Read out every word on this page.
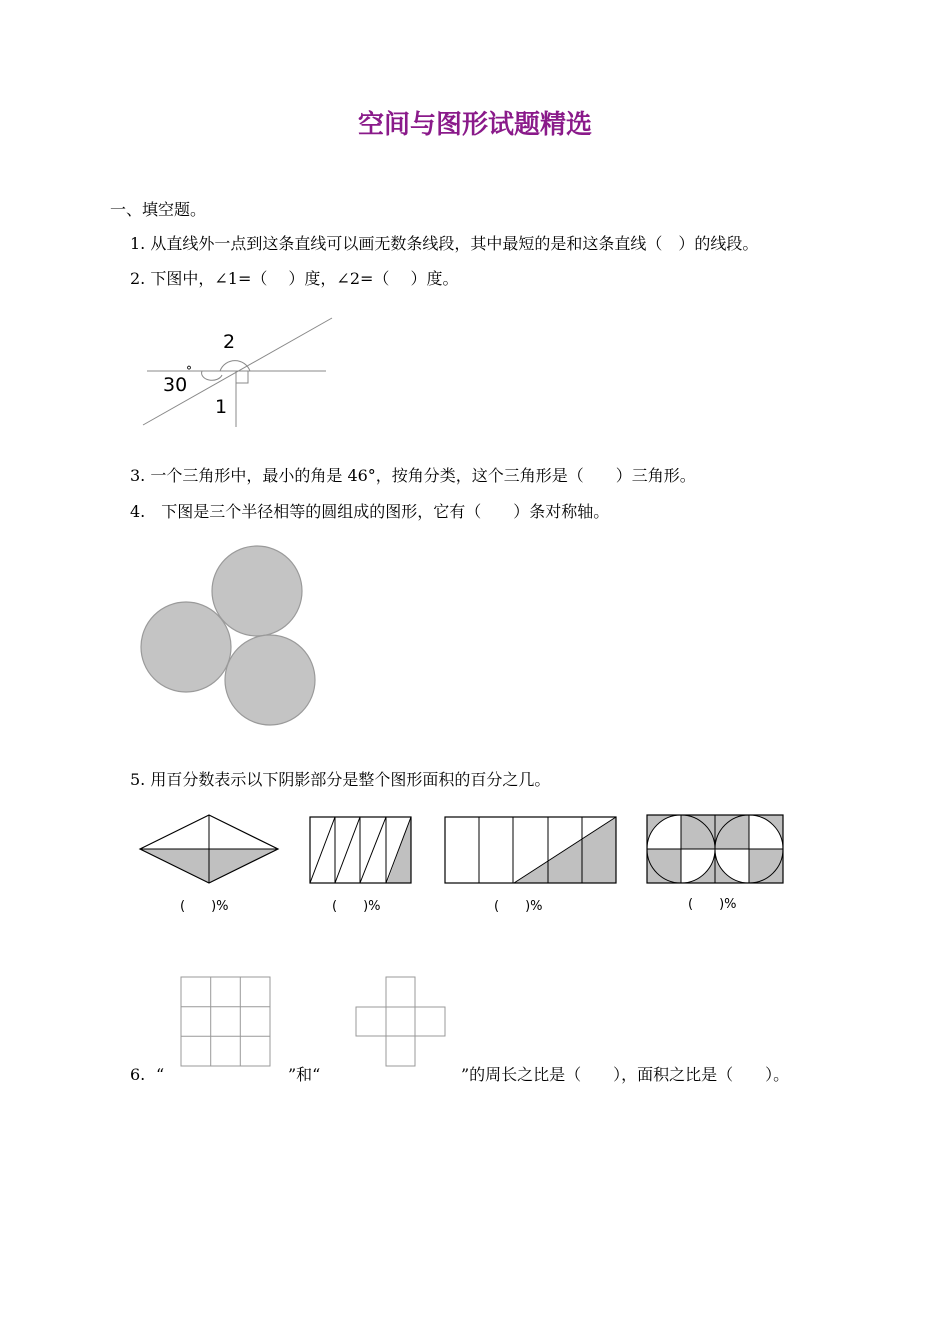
空间与图形试题精选
一、填空题。
1. 从直线外一点到这条直线可以画无数条线段，其中最短的是和这条直线（　）的线段。
2. 下图中，∠1=（　 ）度，∠2=（　 ）度。
2
30
°
1
3. 一个三角形中，最小的角是 46°，按角分类，这个三角形是（　　）三角形。
4.　下图是三个半径相等的圆组成的图形，它有（　　）条对称轴。
5. 用百分数表示以下阴影部分是整个图形面积的百分之几。
(　　)%	(　　)%	(　　)%	(　　)%
6. “	”和“	”的周长之比是（　　），面积之比是（　　）。
